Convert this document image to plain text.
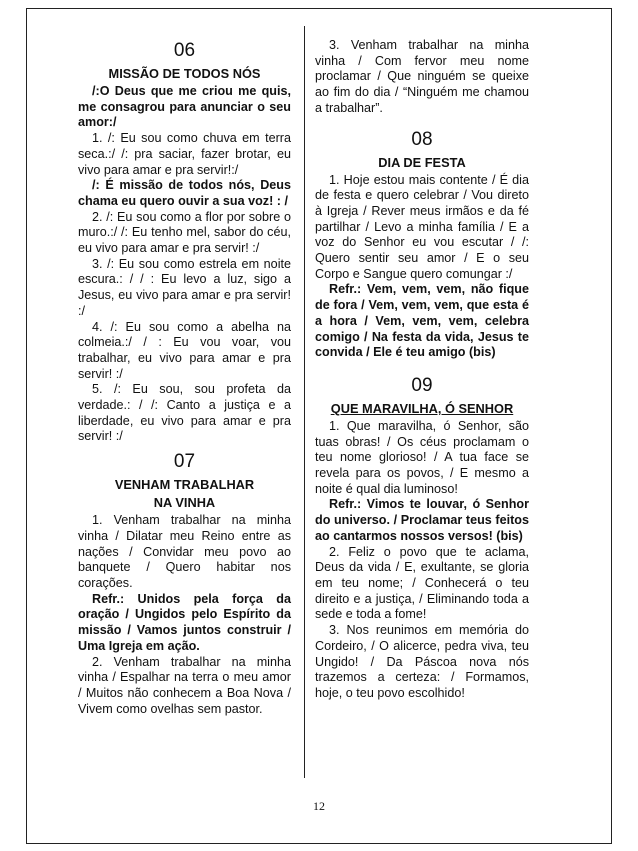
06
MISSÃO DE TODOS NÓS

/:O Deus que me criou me quis, me consagrou para anunciar o seu amor:/

1. /: Eu sou como chuva em terra seca.:/ /: pra saciar, fazer brotar, eu vivo para amar e pra servir!:/

/: É missão de todos nós, Deus chama eu quero ouvir a sua voz! : /

2. /: Eu sou como a flor por sobre o muro.:/ /: Eu tenho mel, sabor do céu, eu vivo para amar e pra servir! :/

3. /: Eu sou como estrela em noite escura.: / / : Eu levo a luz, sigo a Jesus, eu vivo para amar e pra servir! :/

4. /: Eu sou como a abelha na colmeia.:/ / : Eu vou voar, vou trabalhar, eu vivo para amar e pra servir! :/

5. /: Eu sou, sou profeta da verdade.: / /: Canto a justiça e a liberdade, eu vivo para amar e pra servir! :/

07
VENHAM TRABALHAR
NA VINHA

1. Venham trabalhar na minha vinha / Dilatar meu Reino entre as nações / Convidar meu povo ao banquete / Quero habitar nos corações.

Refr.: Unidos pela força da oração / Ungidos pelo Espírito da missão / Vamos juntos construir / Uma Igreja em ação.

2. Venham trabalhar na minha vinha / Espalhar na terra o meu amor / Muitos não conhecem a Boa Nova / Vivem como ovelhas sem pastor.

3. Venham trabalhar na minha vinha / Com fervor meu nome proclamar / Que ninguém se queixe ao fim do dia / “Ninguém me chamou a trabalhar”.

08
DIA DE FESTA

1. Hoje estou mais contente / É dia de festa e quero celebrar / Vou direto à Igreja / Rever meus irmãos e da fé partilhar / Levo a minha família / E a voz do Senhor eu vou escutar / /: Quero sentir seu amor / E o seu Corpo e Sangue quero comungar :/

Refr.: Vem, vem, vem, não fique de fora / Vem, vem, vem, que esta é a hora / Vem, vem, vem, celebra comigo / Na festa da vida, Jesus te convida / Ele é teu amigo (bis)

09
QUE MARAVILHA, Ó SENHOR

1. Que maravilha, ó Senhor, são tuas obras! / Os céus proclamam o teu nome glorioso! / A tua face se revela para os povos, / E mesmo a noite é qual dia luminoso!

Refr.: Vimos te louvar, ó Senhor do universo. / Proclamar teus feitos ao cantarmos nossos versos! (bis)

2. Feliz o povo que te aclama, Deus da vida / E, exultante, se gloria em teu nome; / Conhecerá o teu direito e a justiça, / Eliminando toda a sede e toda a fome!

3. Nos reunimos em memória do Cordeiro, / O alicerce, pedra viva, teu Ungido! / Da Páscoa nova nós trazemos a certeza: / Formamos, hoje, o teu povo escolhido!

12
